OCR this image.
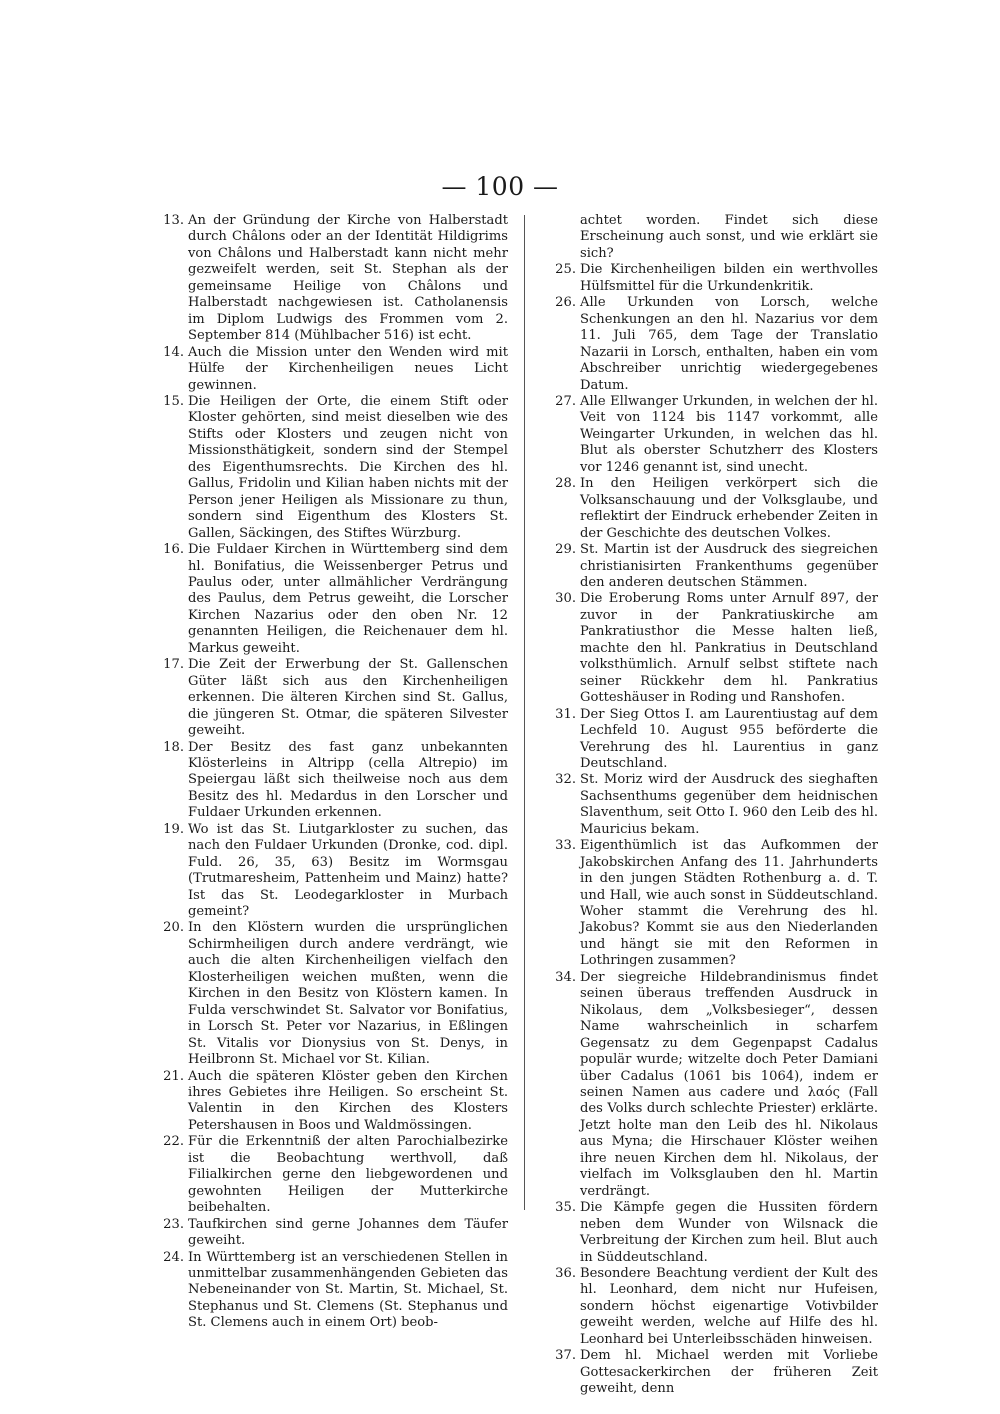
— 100 —
13. An der Gründung der Kirche von Halberstadt durch Châlons oder an der Identität Hildigrims von Châlons und Halberstadt kann nicht mehr gezweifelt werden, seit St. Stephan als der gemeinsame Heilige von Châlons und Halberstadt nachgewiesen ist. Catholanensis im Diplom Ludwigs des Frommen vom 2. September 814 (Mühlbacher 516) ist echt.
14. Auch die Mission unter den Wenden wird mit Hülfe der Kirchenheiligen neues Licht gewinnen.
15. Die Heiligen der Orte, die einem Stift oder Kloster gehörten, sind meist dieselben wie des Stifts oder Klosters und zeugen nicht von Missionsthätigkeit, sondern sind der Stempel des Eigenthumsrechts. Die Kirchen des hl. Gallus, Fridolin und Kilian haben nichts mit der Person jener Heiligen als Missionare zu thun, sondern sind Eigenthum des Klosters St. Gallen, Säckingen, des Stiftes Würzburg.
16. Die Fuldaer Kirchen in Württemberg sind dem hl. Bonifatius, die Weissenberger Petrus und Paulus oder, unter allmählicher Verdrängung des Paulus, dem Petrus geweiht, die Lorscher Kirchen Nazarius oder den oben Nr. 12 genannten Heiligen, die Reichenauer dem hl. Markus geweiht.
17. Die Zeit der Erwerbung der St. Gallenschen Güter läßt sich aus den Kirchenheiligen erkennen. Die älteren Kirchen sind St. Gallus, die jüngeren St. Otmar, die späteren Silvester geweiht.
18. Der Besitz des fast ganz unbekannten Klösterleins in Altripp (cella Altrepio) im Speiergau läßt sich theilweise noch aus dem Besitz des hl. Medardus in den Lorscher und Fuldaer Urkunden erkennen.
19. Wo ist das St. Liutgarkloster zu suchen, das nach den Fuldaer Urkunden (Dronke, cod. dipl. Fuld. 26, 35, 63) Besitz im Wormsgau (Trutmaresheim, Pattenheim und Mainz) hatte? Ist das St. Leodegarkloster in Murbach gemeint?
20. In den Klöstern wurden die ursprünglichen Schirmheiligen durch andere verdrängt, wie auch die alten Kirchenheiligen vielfach den Klosterheiligen weichen mußten, wenn die Kirchen in den Besitz von Klöstern kamen. In Fulda verschwindet St. Salvator vor Bonifatius, in Lorsch St. Peter vor Nazarius, in Eßlingen St. Vitalis vor Dionysius von St. Denys, in Heilbronn St. Michael vor St. Kilian.
21. Auch die späteren Klöster geben den Kirchen ihres Gebietes ihre Heiligen. So erscheint St. Valentin in den Kirchen des Klosters Petershausen in Boos und Waldmössingen.
22. Für die Erkenntniß der alten Parochialbezirke ist die Beobachtung werthvoll, daß Filialkirchen gerne den liebgewordenen und gewohnten Heiligen der Mutterkirche beibehalten.
23. Taufkirchen sind gerne Johannes dem Täufer geweiht.
24. In Württemberg ist an verschiedenen Stellen in unmittelbar zusammenhängenden Gebieten das Nebeneinander von St. Martin, St. Michael, St. Stephanus und St. Clemens (St. Stephanus und St. Clemens auch in einem Ort) beob-
achtet worden. Findet sich diese Erscheinung auch sonst, und wie erklärt sie sich?
25. Die Kirchenheiligen bilden ein werthvolles Hülfsmittel für die Urkundenkritik.
26. Alle Urkunden von Lorsch, welche Schenkungen an den hl. Nazarius vor dem 11. Juli 765, dem Tage der Translatio Nazarii in Lorsch, enthalten, haben ein vom Abschreiber unrichtig wiedergegebenes Datum.
27. Alle Ellwanger Urkunden, in welchen der hl. Veit von 1124 bis 1147 vorkommt, alle Weingarter Urkunden, in welchen das hl. Blut als oberster Schutzherr des Klosters vor 1246 genannt ist, sind unecht.
28. In den Heiligen verkörpert sich die Volksanschauung und der Volksglaube, und reflektirt der Eindruck erhebender Zeiten in der Geschichte des deutschen Volkes.
29. St. Martin ist der Ausdruck des siegreichen christianisirten Frankenthums gegenüber den anderen deutschen Stämmen.
30. Die Eroberung Roms unter Arnulf 897, der zuvor in der Pankratiuskirche am Pankratiusthor die Messe halten ließ, machte den hl. Pankratius in Deutschland volksthümlich. Arnulf selbst stiftete nach seiner Rückkehr dem hl. Pankratius Gotteshäuser in Roding und Ranshofen.
31. Der Sieg Ottos I. am Laurentiustag auf dem Lechfeld 10. August 955 beförderte die Verehrung des hl. Laurentius in ganz Deutschland.
32. St. Moriz wird der Ausdruck des sieghaften Sachsenthums gegenüber dem heidnischen Slaventhum, seit Otto I. 960 den Leib des hl. Mauricius bekam.
33. Eigenthümlich ist das Aufkommen der Jakobskirchen Anfang des 11. Jahrhunderts in den jungen Städten Rothenburg a. d. T. und Hall, wie auch sonst in Süddeutschland. Woher stammt die Verehrung des hl. Jakobus? Kommt sie aus den Niederlanden und hängt sie mit den Reformen in Lothringen zusammen?
34. Der siegreiche Hildebrandinismus findet seinen überaus treffenden Ausdruck in Nikolaus, dem „Volksbesieger“, dessen Name wahrscheinlich in scharfem Gegensatz zu dem Gegenpapst Cadalus populär wurde; witzelte doch Peter Damiani über Cadalus (1061 bis 1064), indem er seinen Namen aus cadere und λαός (Fall des Volks durch schlechte Priester) erklärte. Jetzt holte man den Leib des hl. Nikolaus aus Myna; die Hirschauer Klöster weihen ihre neuen Kirchen dem hl. Nikolaus, der vielfach im Volksglauben den hl. Martin verdrängt.
35. Die Kämpfe gegen die Hussiten fördern neben dem Wunder von Wilsnack die Verbreitung der Kirchen zum heil. Blut auch in Süddeutschland.
36. Besondere Beachtung verdient der Kult des hl. Leonhard, dem nicht nur Hufeisen, sondern höchst eigenartige Votivbilder geweiht werden, welche auf Hilfe des hl. Leonhard bei Unterleibsschäden hinweisen.
37. Dem hl. Michael werden mit Vorliebe Gottesackerkirchen der früheren Zeit geweiht, denn
